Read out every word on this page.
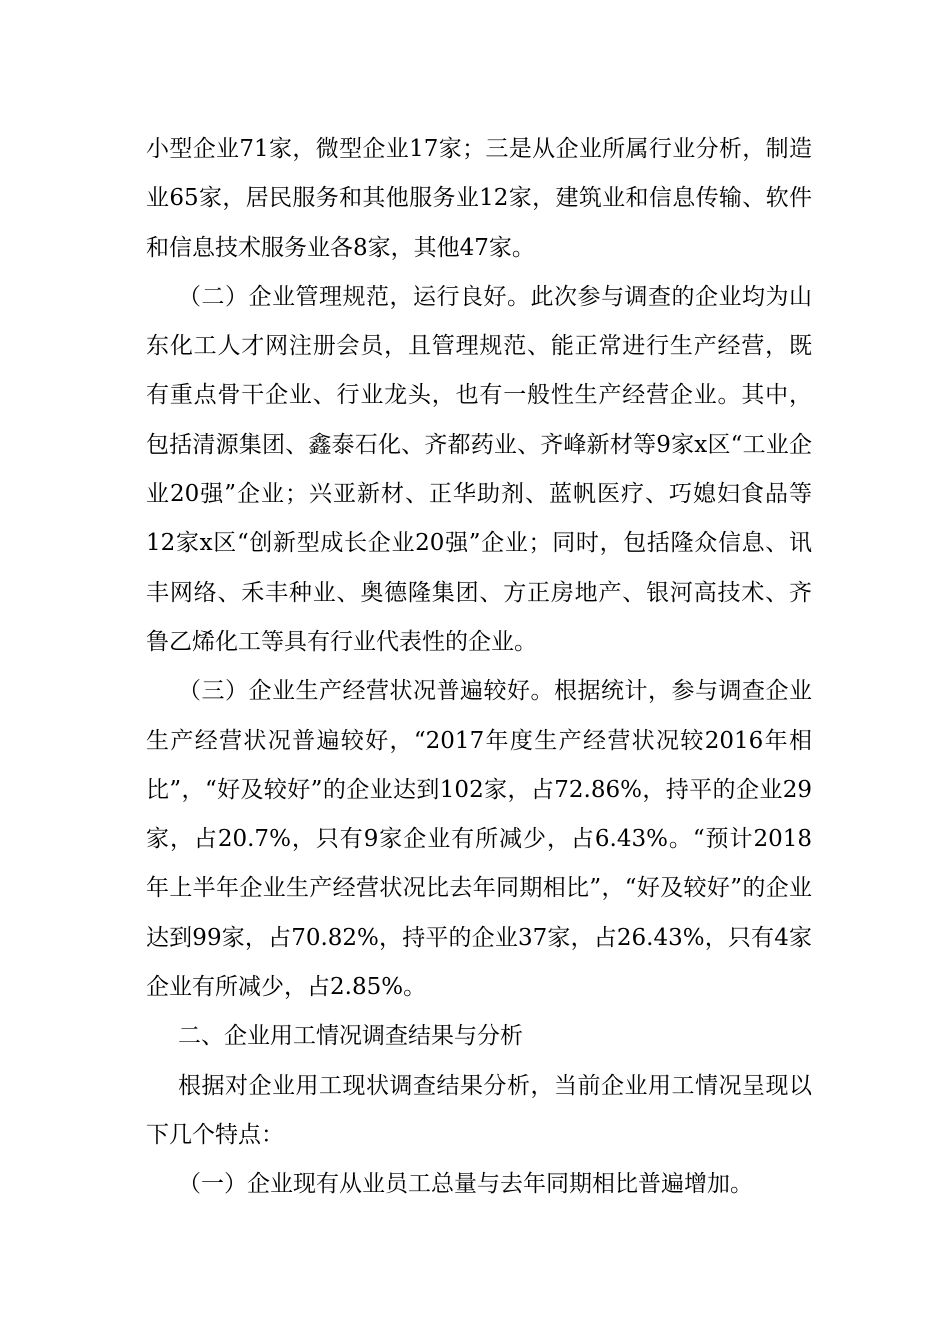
小型企业71家，微型企业17家；三是从企业所属行业分析，制造业65家，居民服务和其他服务业12家，建筑业和信息传输、软件和信息技术服务业各8家，其他47家。

（二）企业管理规范，运行良好。此次参与调查的企业均为山东化工人才网注册会员，且管理规范、能正常进行生产经营，既有重点骨干企业、行业龙头，也有一般性生产经营企业。其中，包括清源集团、鑫泰石化、齐都药业、齐峰新材等9家x区“工业企业20强”企业；兴亚新材、正华助剂、蓝帆医疗、巧媳妇食品等12家x区“创新型成长企业20强”企业；同时，包括隆众信息、讯丰网络、禾丰种业、奥德隆集团、方正房地产、银河高技术、齐鲁乙烯化工等具有行业代表性的企业。

（三）企业生产经营状况普遍较好。根据统计，参与调查企业生产经营状况普遍较好，“2017年度生产经营状况较2016年相比”，“好及较好”的企业达到102家，占72.86%，持平的企业29家，占20.7%，只有9家企业有所减少，占6.43%。“预计2018年上半年企业生产经营状况比去年同期相比”，“好及较好”的企业达到99家，占70.82%，持平的企业37家，占26.43%，只有4家企业有所减少，占2.85%。

二、企业用工情况调查结果与分析

根据对企业用工现状调查结果分析，当前企业用工情况呈现以下几个特点：

（一）企业现有从业员工总量与去年同期相比普遍增加。
